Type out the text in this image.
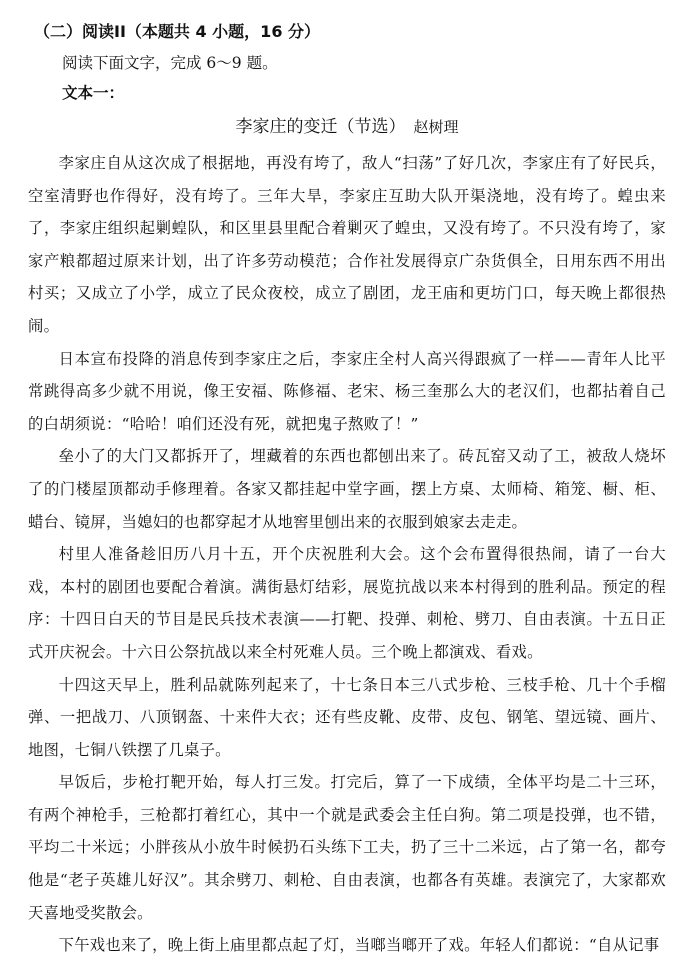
（二）阅读II（本题共 4 小题，16 分）
阅读下面文字，完成 6～9 题。
文本一：
李家庄的变迁（节选） 赵树理

李家庄自从这次成了根据地，再没有垮了，敌人“扫荡”了好几次，李家庄有了好民兵，空室清野也作得好，没有垮了。三年大旱，李家庄互助大队开渠浇地，没有垮了。蝗虫来了，李家庄组织起剿蝗队，和区里县里配合着剿灭了蝗虫，又没有垮了。不只没有垮了，家家产粮都超过原来计划，出了许多劳动模范；合作社发展得京广杂货俱全，日用东西不用出村买；又成立了小学，成立了民众夜校，成立了剧团，龙王庙和更坊门口，每天晚上都很热闹。

日本宣布投降的消息传到李家庄之后，李家庄全村人高兴得跟疯了一样——青年人比平常跳得高多少就不用说，像王安福、陈修福、老宋、杨三奎那么大的老汉们，也都拈着自己的白胡须说：“哈哈！咱们还没有死，就把鬼子熬败了！”

垒小了的大门又都拆开了，埋藏着的东西也都刨出来了。砖瓦窑又动了工，被敌人烧坏了的门楼屋顶都动手修理着。各家又都挂起中堂字画，摆上方桌、太师椅、箱笼、橱、柜、蜡台、镜屏，当媳妇的也都穿起才从地窖里刨出来的衣服到娘家去走走。

村里人准备趁旧历八月十五，开个庆祝胜利大会。这个会布置得很热闹，请了一台大戏，本村的剧团也要配合着演。满街悬灯结彩，展览抗战以来本村得到的胜利品。预定的程序：十四日白天的节目是民兵技术表演——打靶、投弹、刺枪、劈刀、自由表演。十五日正式开庆祝会。十六日公祭抗战以来全村死难人员。三个晚上都演戏、看戏。

十四这天早上，胜利品就陈列起来了，十七条日本三八式步枪、三枝手枪、几十个手榴弹、一把战刀、八顶钢盔、十来件大衣；还有些皮靴、皮带、皮包、钢笔、望远镜、画片、地图，七铜八铁摆了几桌子。

早饭后，步枪打靶开始，每人打三发。打完后，算了一下成绩，全体平均是二十三环，有两个神枪手，三枪都打着红心，其中一个就是武委会主任白狗。第二项是投弹，也不错，平均二十米远；小胖孩从小放牛时候扔石头练下工夫，扔了三十二米远，占了第一名，都夸他是“老子英雄儿好汉”。其余劈刀、刺枪、自由表演，也都各有英雄。表演完了，大家都欢天喜地受奖散会。

下午戏也来了，晚上街上庙里都点起了灯，当啷当啷开了戏。年轻人们都说：“自从记事
